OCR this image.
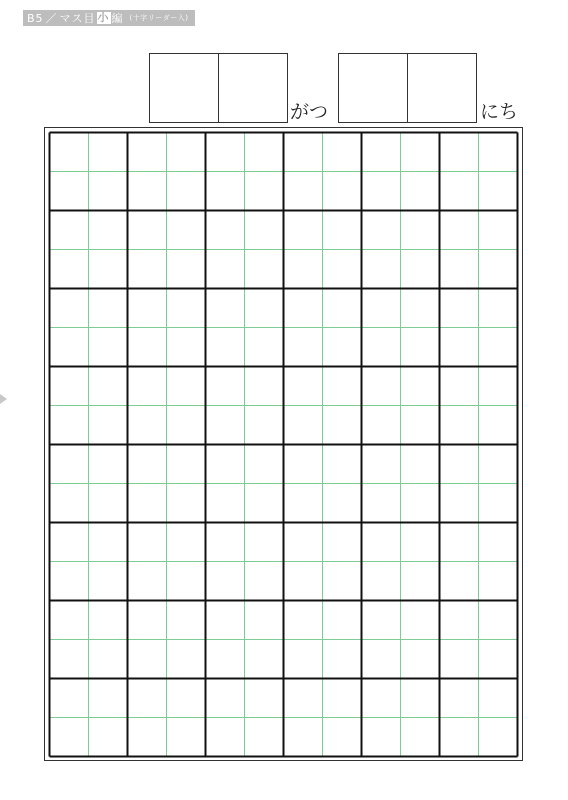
B5 ／ マス目 小 編 (十字リーダー入)
がつ	にち
